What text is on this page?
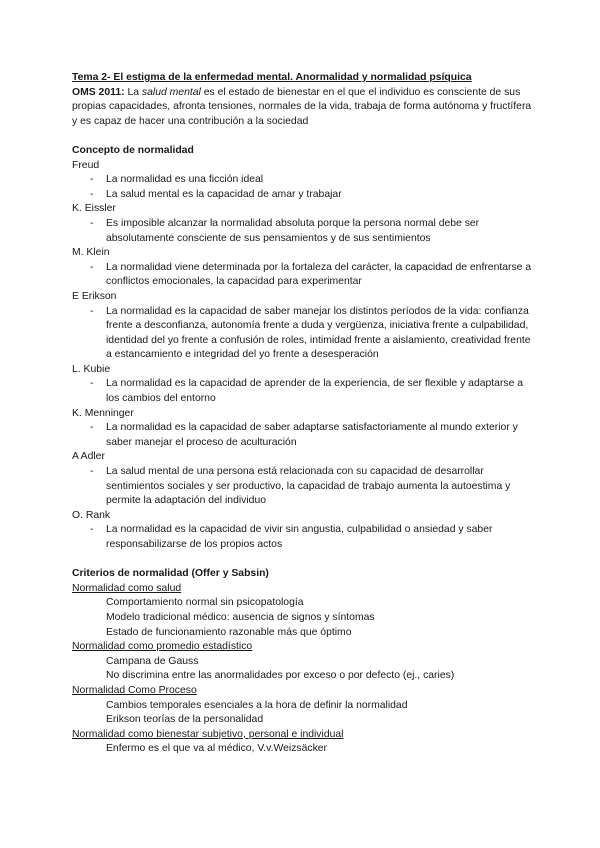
Tema 2- El estigma de la enfermedad mental. Anormalidad y normalidad psíquica
OMS 2011: La salud mental es el estado de bienestar en el que el individuo es consciente de sus propias capacidades, afronta tensiones, normales de la vida, trabaja de forma autónoma y fructífera y es capaz de hacer una contribución a la sociedad
Concepto de normalidad
Freud
- La normalidad es una ficción ideal
- La salud mental es la capacidad de amar y trabajar
K. Eissler
- Es imposible alcanzar la normalidad absoluta porque la persona normal debe ser absolutamente consciente de sus pensamientos y de sus sentimientos
M. Klein
- La normalidad viene determinada por la fortaleza del carácter, la capacidad de enfrentarse a conflictos emocionales, la capacidad para experimentar
E Erikson
- La normalidad es la capacidad de saber manejar los distintos períodos de la vida: confianza frente a desconfianza, autonomía frente a duda y vergüenza, iniciativa frente a culpabilidad, identidad del yo frente a confusión de roles, intimidad frente a aislamiento, creatividad frente a estancamiento e integridad del yo frente a desesperación
L. Kubie
- La normalidad es la capacidad de aprender de la experiencia, de ser flexible y adaptarse a los cambios del entorno
K. Menninger
- La normalidad es la capacidad de saber adaptarse satisfactoriamente al mundo exterior y saber manejar el proceso de aculturación
A Adler
- La salud mental de una persona está relacionada con su capacidad de desarrollar sentimientos sociales y ser productivo, la capacidad de trabajo aumenta la autoestima y permite la adaptación del individuo
O. Rank
- La normalidad es la capacidad de vivir sin angustia, culpabilidad o ansiedad y saber responsabilizarse de los propios actos
Criterios de normalidad (Offer y Sabsin)
Normalidad como salud
Comportamiento normal sin psicopatología
Modelo tradicional médico: ausencia de signos y síntomas
Estado de funcionamiento razonable más que óptimo
Normalidad como promedio estadístico
Campana de Gauss
No discrimina entre las anormalidades por exceso o por defecto (ej., caries)
Normalidad Como Proceso
Cambios temporales esenciales a la hora de definir la normalidad
Erikson teorías de la personalidad
Normalidad como bienestar subjetivo, personal e individual
Enfermo es el que va al médico, V.v.Weizsäcker
